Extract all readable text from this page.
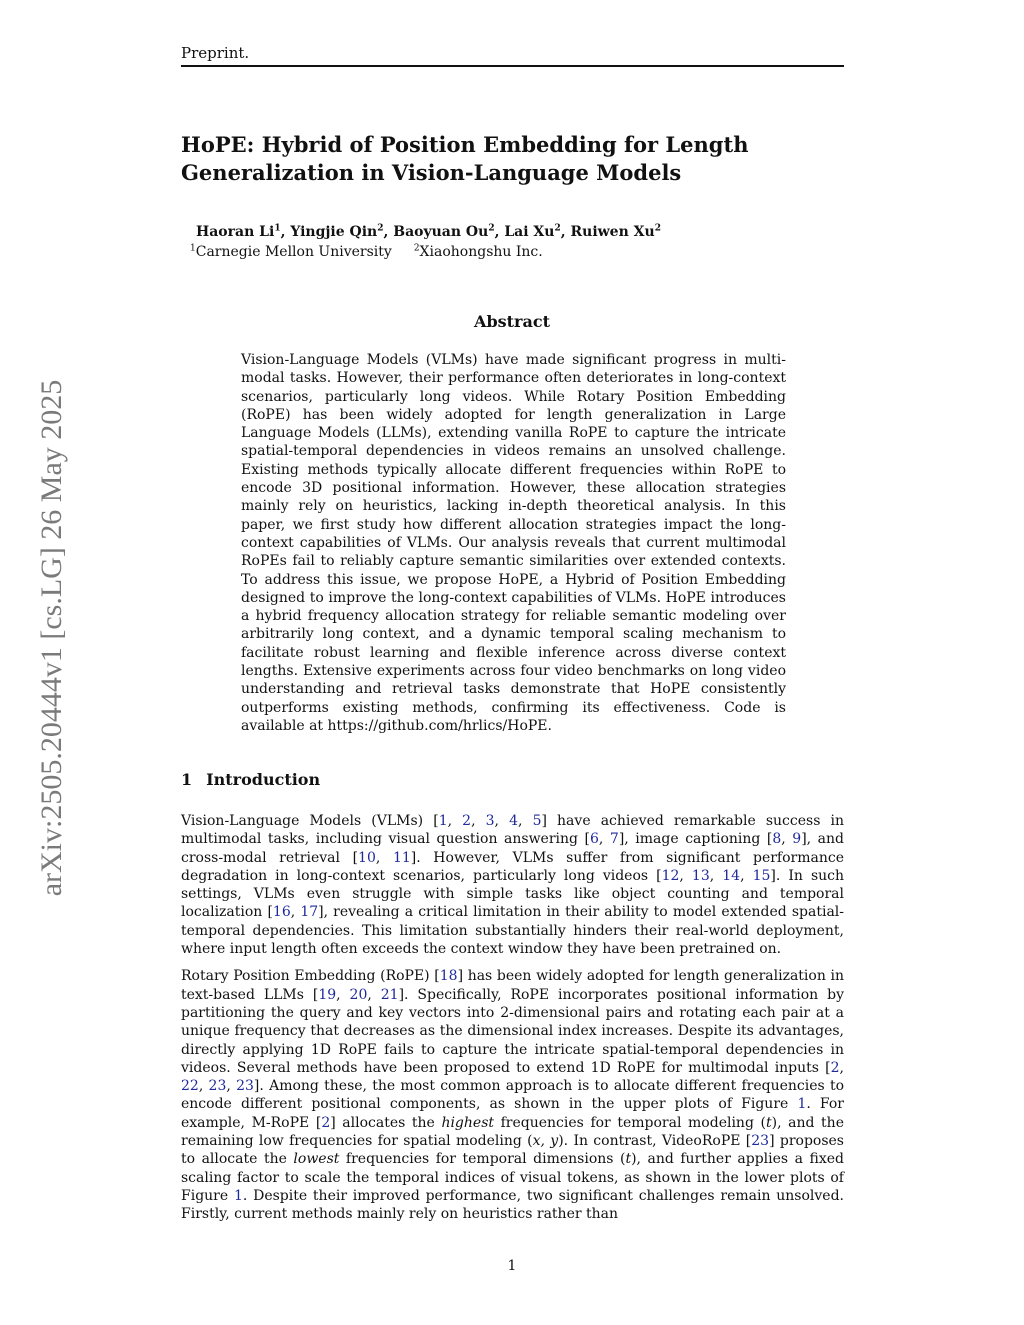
Preprint.
HoPE: Hybrid of Position Embedding for Length Generalization in Vision-Language Models
Haoran Li$^1$, Yingjie Qin$^2$, Baoyuan Ou$^2$, Lai Xu$^2$, Ruiwen Xu$^2$
$^1$Carnegie Mellon University $^2$Xiaohongshu Inc.
Abstract

Vision-Language Models (VLMs) have made significant progress in multi-modal tasks. However, their performance often deteriorates in long-context scenarios, particularly long videos. While Rotary Position Embedding (RoPE) has been widely adopted for length generalization in Large Language Models (LLMs), extending vanilla RoPE to capture the intricate spatial-temporal dependencies in videos remains an unsolved challenge. Existing methods typically allocate different frequencies within RoPE to encode 3D positional information. However, these allocation strategies mainly rely on heuristics, lacking in-depth theoretical analysis. In this paper, we first study how different allocation strategies impact the long-context capabilities of VLMs. Our analysis reveals that current multimodal RoPEs fail to reliably capture semantic similarities over extended contexts. To address this issue, we propose HoPE, a Hybrid of Position Embedding designed to improve the long-context capabilities of VLMs. HoPE introduces a hybrid frequency allocation strategy for reliable semantic modeling over arbitrarily long context, and a dynamic temporal scaling mechanism to facilitate robust learning and flexible inference across diverse context lengths. Extensive experiments across four video benchmarks on long video understanding and retrieval tasks demonstrate that HoPE consistently outperforms existing methods, confirming its effectiveness. Code is available at https://github.com/hrlics/HoPE.

1 Introduction

Vision-Language Models (VLMs) [1, 2, 3, 4, 5] have achieved remarkable success in multimodal tasks, including visual question answering [6, 7], image captioning [8, 9], and cross-modal retrieval [10, 11]. However, VLMs suffer from significant performance degradation in long-context scenarios, particularly long videos [12, 13, 14, 15]. In such settings, VLMs even struggle with simple tasks like object counting and temporal localization [16, 17], revealing a critical limitation in their ability to model extended spatial-temporal dependencies. This limitation substantially hinders their real-world deployment, where input length often exceeds the context window they have been pretrained on.

Rotary Position Embedding (RoPE) [18] has been widely adopted for length generalization in text-based LLMs [19, 20, 21]. Specifically, RoPE incorporates positional information by partitioning the query and key vectors into 2-dimensional pairs and rotating each pair at a unique frequency that decreases as the dimensional index increases. Despite its advantages, directly applying 1D RoPE fails to capture the intricate spatial-temporal dependencies in videos. Several methods have been proposed to extend 1D RoPE for multimodal inputs [2, 22, 23, 23]. Among these, the most common approach is to allocate different frequencies to encode different positional components, as shown in the upper plots of Figure 1. For example, M-RoPE [2] allocates the highest frequencies for temporal modeling (t), and the remaining low frequencies for spatial modeling (x, y). In contrast, VideoRoPE [23] proposes to allocate the lowest frequencies for temporal dimensions (t), and further applies a fixed scaling factor to scale the temporal indices of visual tokens, as shown in the lower plots of Figure 1. Despite their improved performance, two significant challenges remain unsolved. Firstly, current methods mainly rely on heuristics rather than

1
arXiv:2505.20444v1 [cs.LG] 26 May 2025
